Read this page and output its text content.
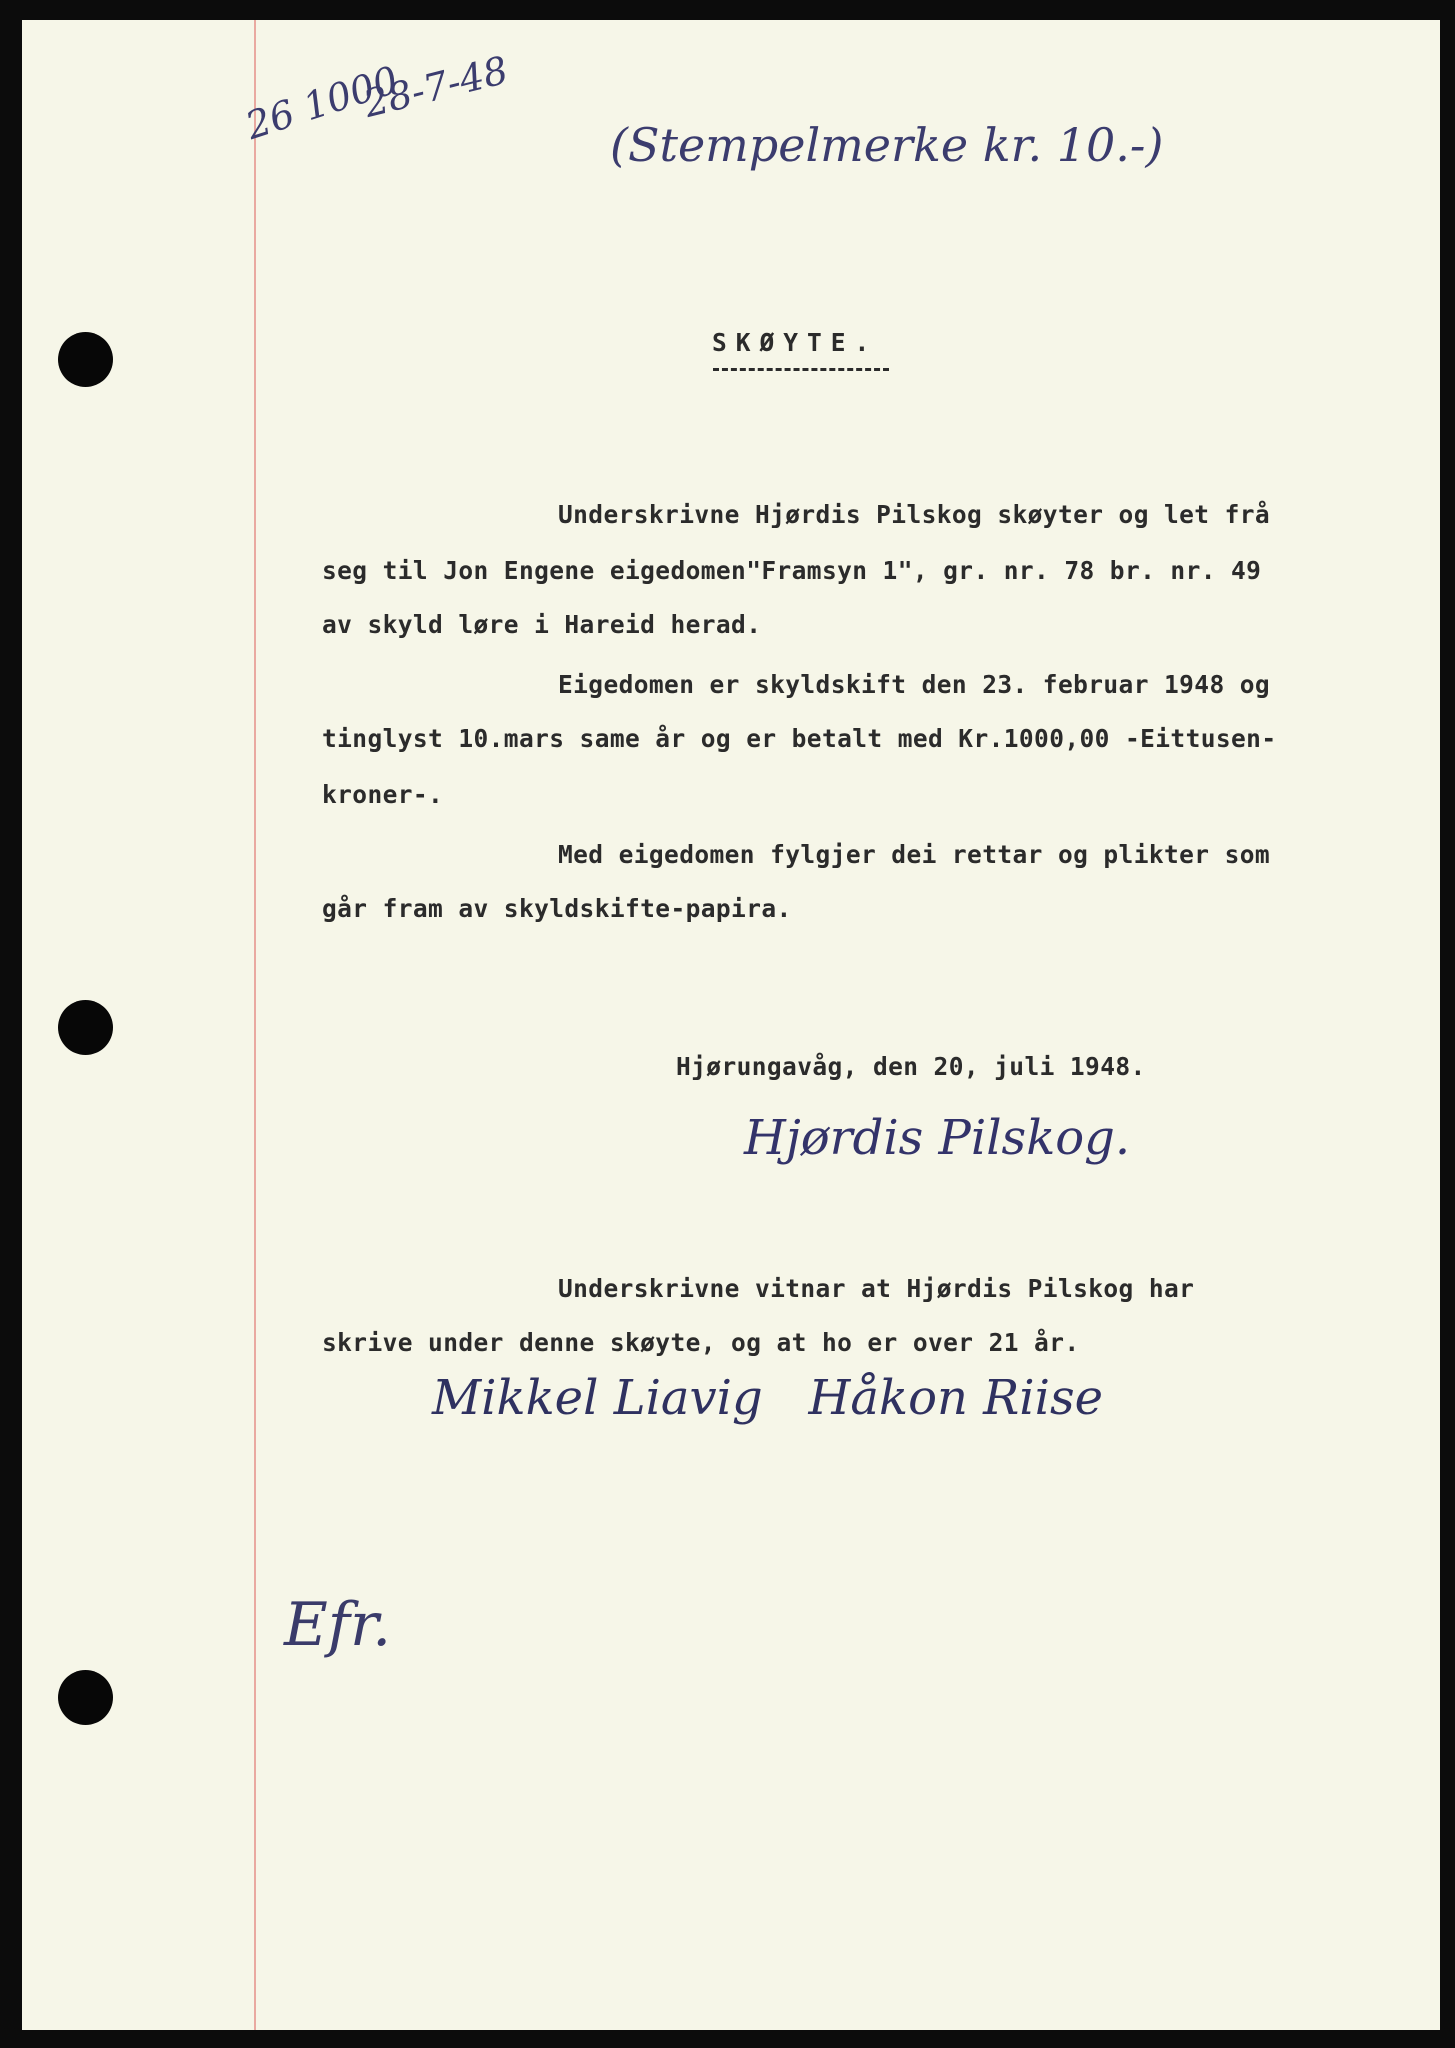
26 1000
28-7-48
(Stempelmerke kr. 10.-)
SKØYTE.
Underskrivne Hjørdis Pilskog skøyter og let frå
seg til Jon Engene eigedomen"Framsyn 1", gr. nr. 78 br. nr. 49
av skyld løre i Hareid herad.
Eigedomen er skyldskift den 23. februar 1948 og
tinglyst 10.mars same år og er betalt med Kr.1000,00 -Eittusen-
kroner-.
Med eigedomen fylgjer dei rettar og plikter som
går fram av skyldskifte-papira.
Hjørungavåg, den 20, juli 1948.
Hjørdis Pilskog.
Underskrivne vitnar at Hjørdis Pilskog har
skrive under denne skøyte, og at ho er over 21 år.
Mikkel Liavig   Håkon Riise
Efr.
